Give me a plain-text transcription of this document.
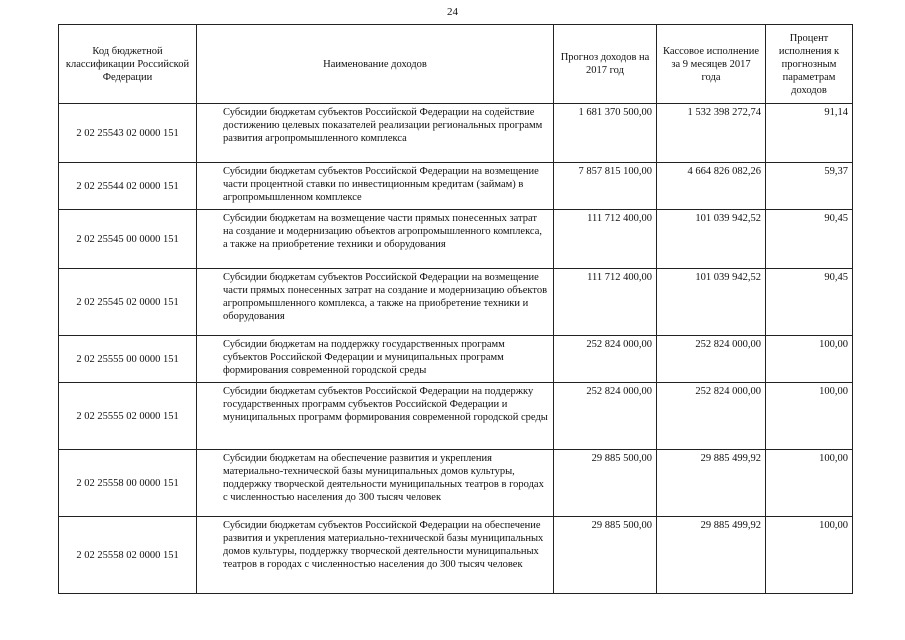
24
Код бюджетной классификации Российской Федерации	Наименование доходов	Прогноз доходов на 2017 год	Кассовое исполнение за 9 месяцев 2017 года	Процент исполнения к прогнозным параметрам доходов
2 02 25543 02 0000 151	Субсидии бюджетам субъектов Российской Федерации на содействие достижению целевых показателей реализации региональных программ развития агропромышленного комплекса	1 681 370 500,00	1 532 398 272,74	91,14
2 02 25544 02 0000 151	Субсидии бюджетам субъектов Российской Федерации на возмещение части процентной ставки по инвестиционным кредитам (займам) в агропромышленном комплексе	7 857 815 100,00	4 664 826 082,26	59,37
2 02 25545 00 0000 151	Субсидии бюджетам на возмещение части прямых понесенных затрат на создание и модернизацию объектов агропромышленного комплекса, а также на приобретение техники и оборудования	111 712 400,00	101 039 942,52	90,45
2 02 25545 02 0000 151	Субсидии бюджетам субъектов Российской Федерации на возмещение части прямых понесенных затрат на создание и модернизацию объектов агропромышленного комплекса, а также на приобретение техники и оборудования	111 712 400,00	101 039 942,52	90,45
2 02 25555 00 0000 151	Субсидии бюджетам на поддержку государственных программ субъектов Российской Федерации и муниципальных программ формирования современной городской среды	252 824 000,00	252 824 000,00	100,00
2 02 25555 02 0000 151	Субсидии бюджетам субъектов Российской Федерации на поддержку государственных программ субъектов Российской Федерации и муниципальных программ формирования современной городской среды	252 824 000,00	252 824 000,00	100,00
2 02 25558 00 0000 151	Субсидии бюджетам на обеспечение развития и укрепления материально-технической базы муниципальных домов культуры, поддержку творческой деятельности муниципальных театров в городах с численностью населения до 300 тысяч человек	29 885 500,00	29 885 499,92	100,00
2 02 25558 02 0000 151	Субсидии бюджетам субъектов Российской Федерации на обеспечение развития и укрепления материально-технической базы муниципальных домов культуры, поддержку творческой деятельности муниципальных театров в городах с численностью населения до 300 тысяч человек	29 885 500,00	29 885 499,92	100,00
